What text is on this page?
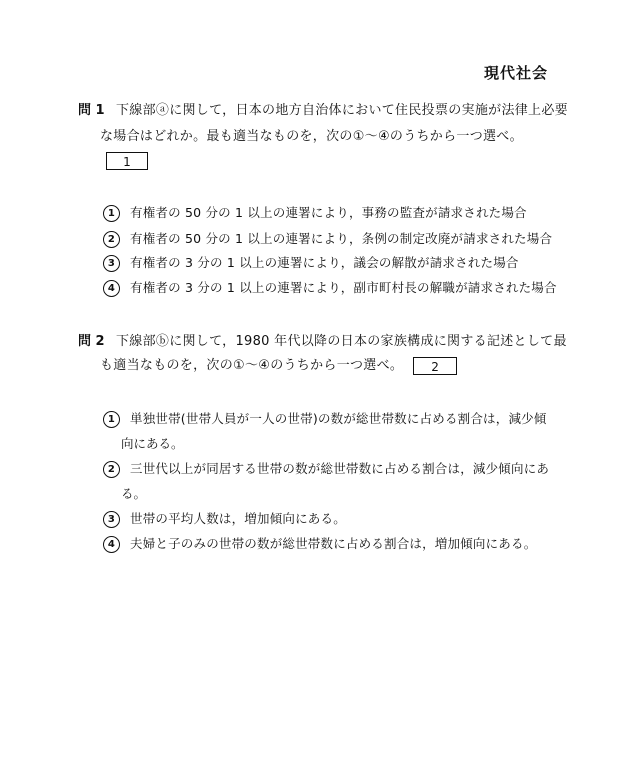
現代社会
問 1 下線部ⓐに関して，日本の地方自治体において住民投票の実施が法律上必要
な場合はどれか。最も適当なものを，次の①～④のうちから一つ選べ。
1
1 有権者の 50 分の 1 以上の連署により，事務の監査が請求された場合
2 有権者の 50 分の 1 以上の連署により，条例の制定改廃が請求された場合
3 有権者の 3 分の 1 以上の連署により，議会の解散が請求された場合
4 有権者の 3 分の 1 以上の連署により，副市町村長の解職が請求された場合
問 2 下線部ⓑに関して，1980 年代以降の日本の家族構成に関する記述として最
も適当なものを，次の①～④のうちから一つ選べ。 2
1 単独世帯(世帯人員が一人の世帯)の数が総世帯数に占める割合は，減少傾
向にある。
2 三世代以上が同居する世帯の数が総世帯数に占める割合は，減少傾向にあ
る。
3 世帯の平均人数は，増加傾向にある。
4 夫婦と子のみの世帯の数が総世帯数に占める割合は，増加傾向にある。
